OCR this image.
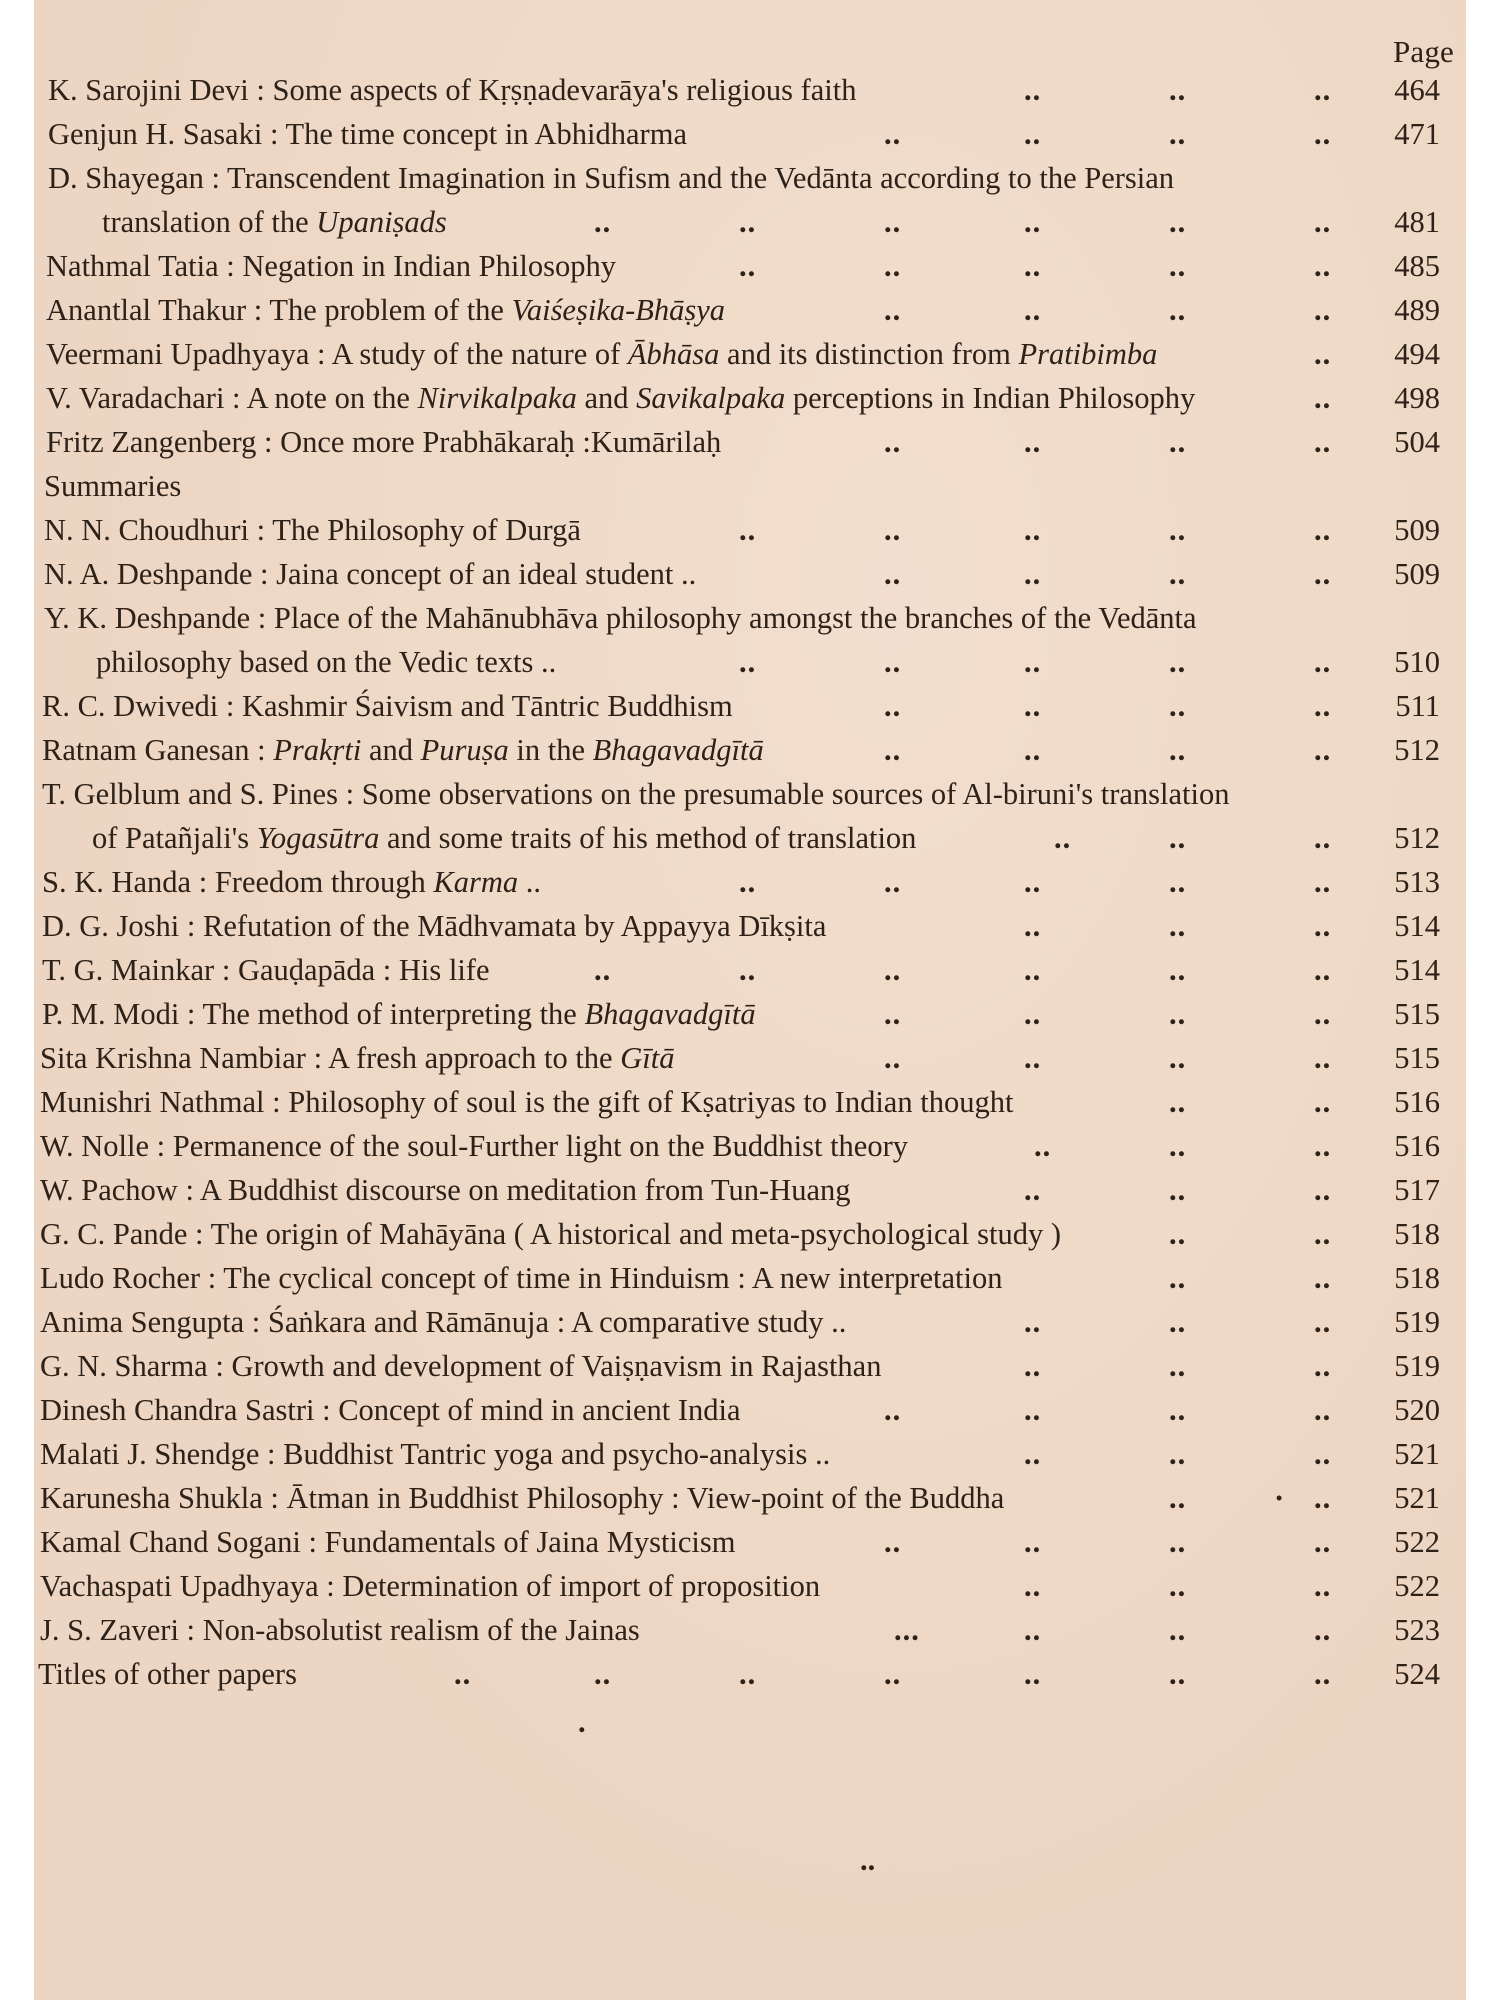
Page
K. Sarojini Devi : Some aspects of Kṛṣṇadevarāya's religious faith	..	..	..	464
Genjun H. Sasaki : The time concept in Abhidharma	..	..	..	..	471
D. Shayegan : Transcendent Imagination in Sufism and the Vedānta according to the Persian
translation of the Upaniṣads	..	..	..	..	..	..	481
Nathmal Tatia : Negation in Indian Philosophy	..	..	..	..	..	485
Anantlal Thakur : The problem of the Vaiśeṣika-Bhāṣya	..	..	..	..	489
Veermani Upadhyaya : A study of the nature of Ābhāsa and its distinction from Pratibimba	..	494
V. Varadachari : A note on the Nirvikalpaka and Savikalpaka perceptions in Indian Philosophy	..	498
Fritz Zangenberg : Once more Prabhākaraḥ :Kumārilaḥ	..	..	..	..	504
Summaries
N. N. Choudhuri : The Philosophy of Durgā	..	..	..	..	..	509
N. A. Deshpande : Jaina concept of an ideal student ..	..	..	..	..	509
Y. K. Deshpande : Place of the Mahānubhāva philosophy amongst the branches of the Vedānta
philosophy based on the Vedic texts ..	..	..	..	..	..	510
R. C. Dwivedi : Kashmir Śaivism and Tāntric Buddhism	..	..	..	..	511
Ratnam Ganesan : Prakṛti and Puruṣa in the Bhagavadgītā	..	..	..	..	512
T. Gelblum and S. Pines : Some observations on the presumable sources of Al-biruni's translation
of Patañjali's Yogasūtra and some traits of his method of translation	..	..	..	512
S. K. Handa : Freedom through Karma ..	..	..	..	..	..	513
D. G. Joshi : Refutation of the Mādhvamata by Appayya Dīkṣita	..	..	..	514
T. G. Mainkar : Gauḍapāda : His life	..	..	..	..	..	..	514
P. M. Modi : The method of interpreting the Bhagavadgītā	..	..	..	..	515
Sita Krishna Nambiar : A fresh approach to the Gītā	..	..	..	..	515
Munishri Nathmal : Philosophy of soul is the gift of Kṣatriyas to Indian thought	..	..	516
W. Nolle : Permanence of the soul-Further light on the Buddhist theory	..	..	..	516
W. Pachow : A Buddhist discourse on meditation from Tun-Huang	..	..	..	517
G. C. Pande : The origin of Mahāyāna ( A historical and meta-psychological study )	..	..	518
Ludo Rocher : The cyclical concept of time in Hinduism : A new interpretation	..	..	518
Anima Sengupta : Śaṅkara and Rāmānuja : A comparative study ..	..	..	..	519
G. N. Sharma : Growth and development of Vaiṣṇavism in Rajasthan	..	..	..	519
Dinesh Chandra Sastri : Concept of mind in ancient India	..	..	..	..	520
Malati J. Shendge : Buddhist Tantric yoga and psycho-analysis ..	..	..	..	521
Karunesha Shukla : Ātman in Buddhist Philosophy : View-point of the Buddha	..	· ..	521
Kamal Chand Sogani : Fundamentals of Jaina Mysticism	..	..	..	..	522
Vachaspati Upadhyaya : Determination of import of proposition	..	..	..	522
J. S. Zaveri : Non-absolutist realism of the Jainas	...	..	..	..	523
Titles of other papers	..	..	..	..	..	..	..	524
.
..
